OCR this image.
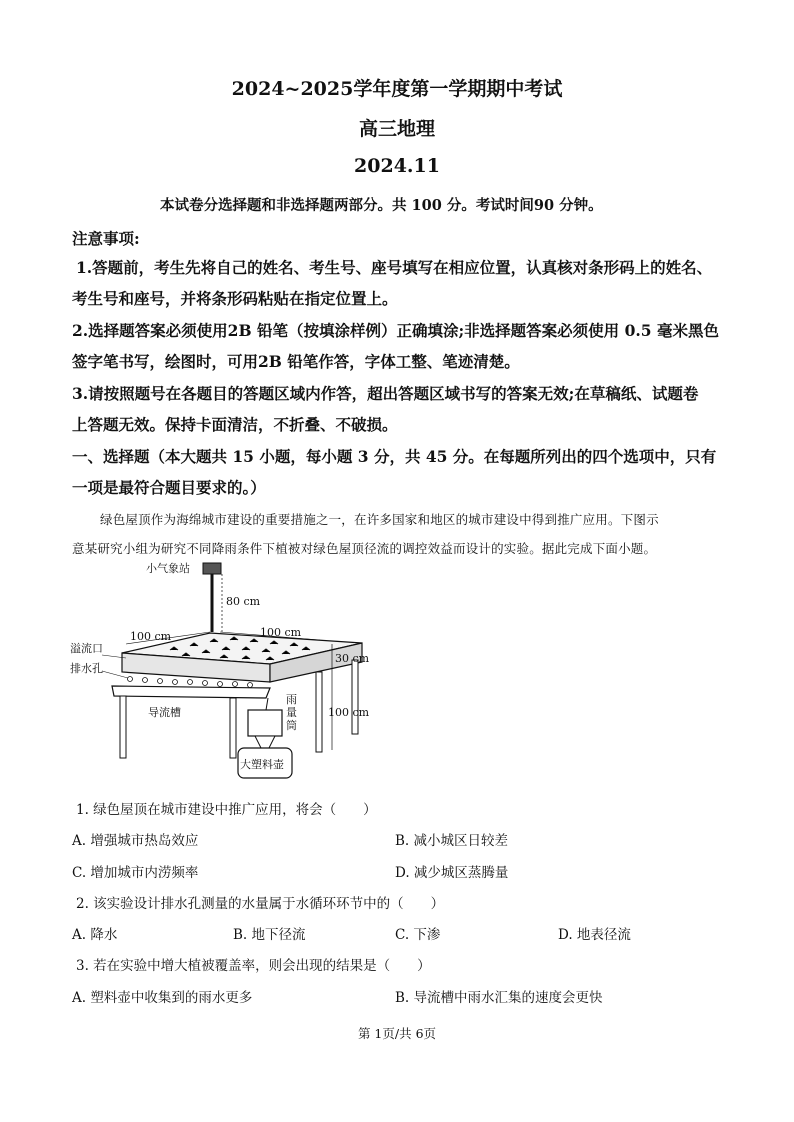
2024~2025学年度第一学期期中考试
高三地理
2024.11
本试卷分选择题和非选择题两部分。共 100 分。考试时间90 分钟。
注意事项:
1.答题前，考生先将自己的姓名、考生号、座号填写在相应位置，认真核对条形码上的姓名、
考生号和座号，并将条形码粘贴在指定位置上。
2.选择题答案必须使用2B 铅笔（按填涂样例）正确填涂;非选择题答案必须使用 0.5 毫米黑色
签字笔书写，绘图时，可用2B 铅笔作答，字体工整、笔迹清楚。
3.请按照题号在各题目的答题区域内作答，超出答题区域书写的答案无效;在草稿纸、试题卷
上答题无效。保持卡面清洁，不折叠、不破损。
一、选择题（本大题共 15 小题，每小题 3 分，共 45 分。在每题所列出的四个选项中，只有
一项是最符合题目要求的。）
绿色屋顶作为海绵城市建设的重要措施之一，在许多国家和地区的城市建设中得到推广应用。下图示
意某研究小组为研究不同降雨条件下植被对绿色屋顶径流的调控效益而设计的实验。据此完成下面小题。
小气象站
80 cm
100 cm	100 cm
溢流口
排水孔
30 cm
雨
量
筒
导流槽	100 cm
大塑料壶
1. 绿色屋顶在城市建设中推广应用，将会（　　）
A. 增强城市热岛效应	B. 减小城区日较差
C. 增加城市内涝频率	D. 减少城区蒸腾量
2. 该实验设计排水孔测量的水量属于水循环环节中的（　　）
A. 降水	B. 地下径流	C. 下渗	D. 地表径流
3. 若在实验中增大植被覆盖率，则会出现的结果是（　　）
A. 塑料壶中收集到的雨水更多	B. 导流槽中雨水汇集的速度会更快
第 1页/共 6页
